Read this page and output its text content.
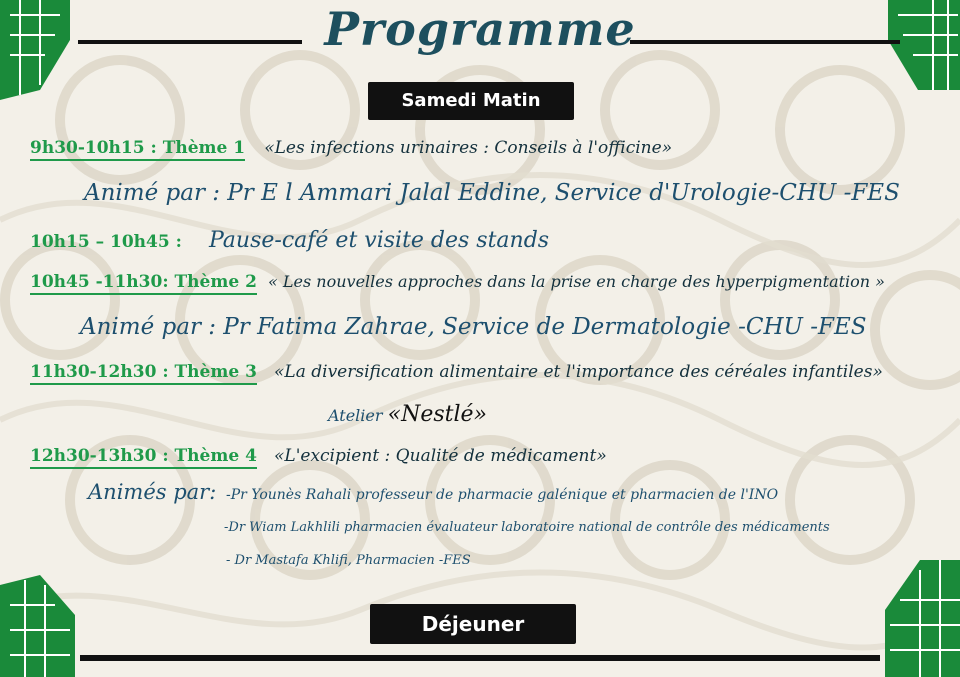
Programme
Samedi Matin
9h30-10h15 : Thème 1 «Les infections urinaires : Conseils à l'officine»
Animé par : Pr E l Ammari Jalal Eddine, Service d'Urologie-CHU -FES
10h15 – 10h45 : Pause-café et visite des stands
10h45 -11h30: Thème 2 « Les nouvelles approches dans la prise en charge des hyperpigmentation »
Animé par : Pr Fatima Zahrae, Service de Dermatologie -CHU -FES
11h30-12h30 : Thème 3 «La diversification alimentaire et l'importance des céréales infantiles»
Atelier «Nestlé»
12h30-13h30 : Thème 4 «L'excipient : Qualité de médicament»
Animés par: -Pr Younès Rahali professeur de pharmacie galénique et pharmacien de l'INO
-Dr Wiam Lakhlili pharmacien évaluateur laboratoire national de contrôle des médicaments
- Dr Mastafa Khlifi, Pharmacien -FES
Déjeuner
